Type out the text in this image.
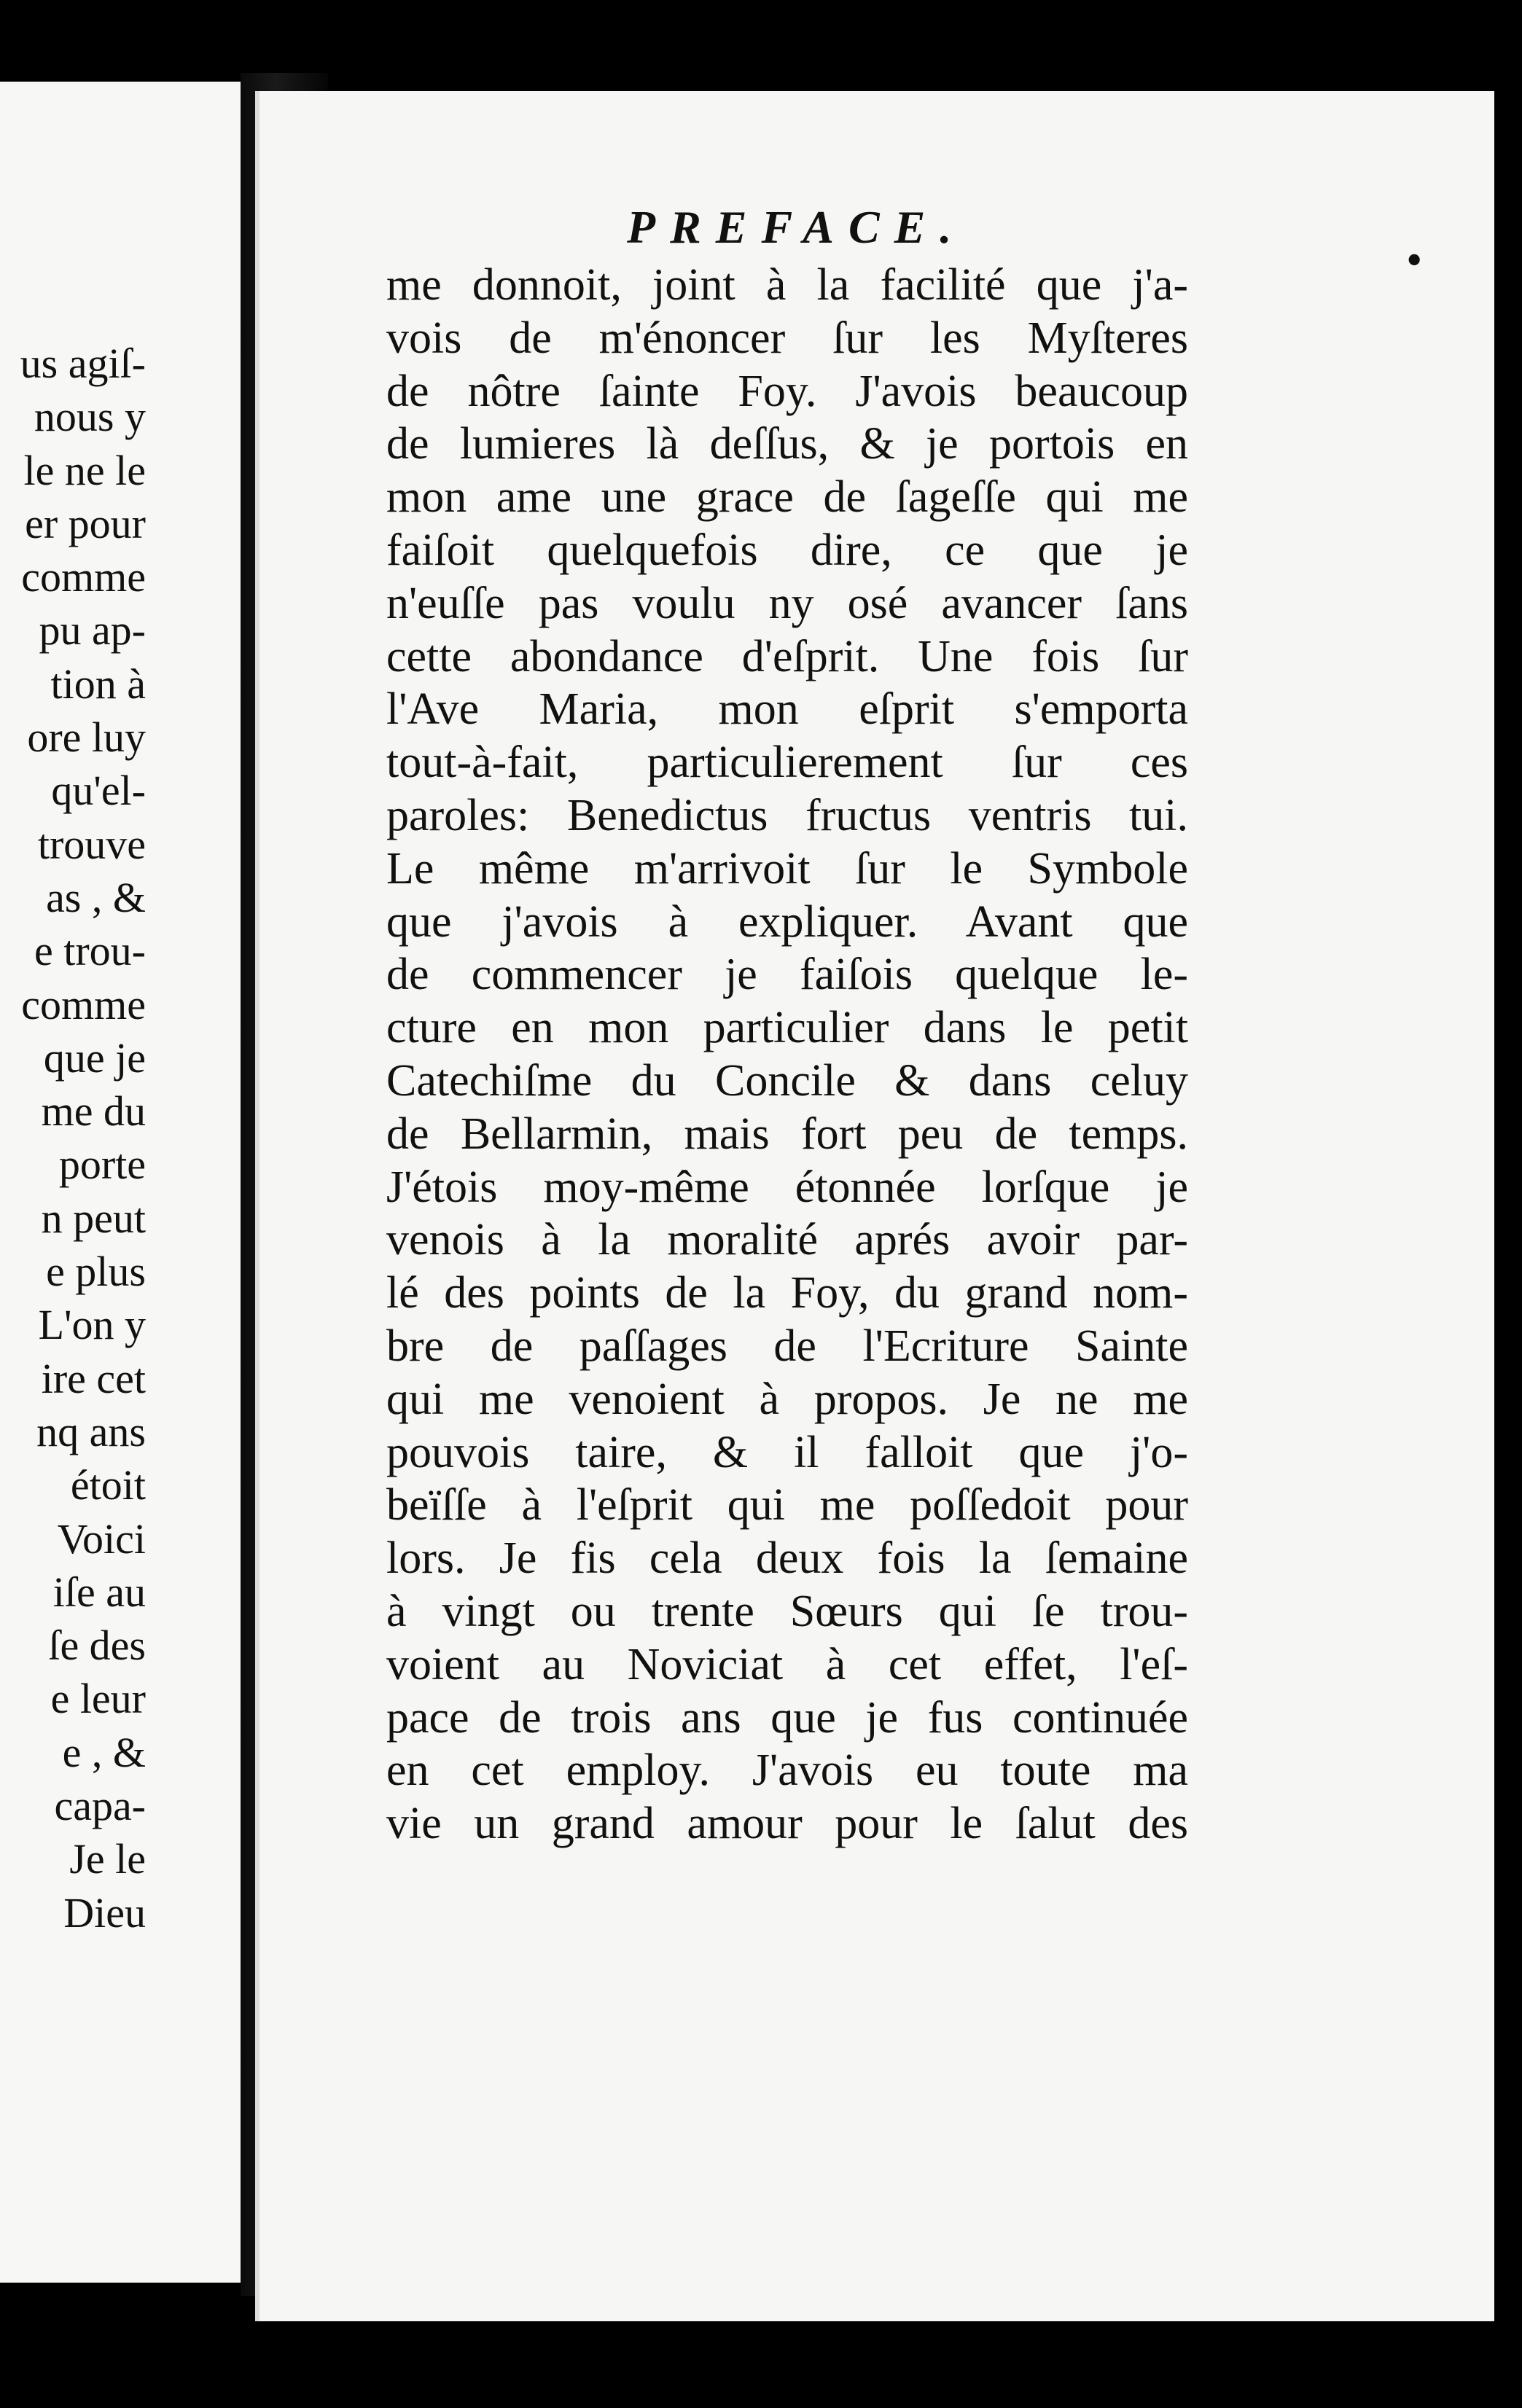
us agiſ-
nous y
le ne le
er pour
comme
pu ap-
tion à
ore luy
qu'el-
trouve
as , &
e trou-
comme
que je
me du
porte
n peut
e plus
L'on y
ire cet
nq ans
étoit
Voici
iſe au
ſe des
e leur
e , &
capa-
Je le
Dieu
PREFACE.
•
me donnoit, joint à la facilité que j'a-
vois de m'énoncer ſur les Myſteres
de nôtre ſainte Foy. J'avois beaucoup
de lumieres là deſſus, & je portois en
mon ame une grace de ſageſſe qui me
faiſoit quelquefois dire, ce que je
n'euſſe pas voulu ny osé avancer ſans
cette abondance d'eſprit. Une fois ſur
l'Ave Maria, mon eſprit s'emporta
tout-à-fait, particulierement ſur ces
paroles: Benedictus fructus ventris tui.
Le même m'arrivoit ſur le Symbole
que j'avois à expliquer. Avant que
de commencer je faiſois quelque le-
cture en mon particulier dans le petit
Catechiſme du Concile & dans celuy
de Bellarmin, mais fort peu de temps.
J'étois moy-même étonnée lorſque je
venois à la moralité aprés avoir par-
lé des points de la Foy, du grand nom-
bre de paſſages de l'Ecriture Sainte
qui me venoient à propos. Je ne me
pouvois taire, & il falloit que j'o-
beïſſe à l'eſprit qui me poſſedoit pour
lors. Je fis cela deux fois la ſemaine
à vingt ou trente Sœurs qui ſe trou-
voient au Noviciat à cet effet, l'eſ-
pace de trois ans que je fus continuée
en cet employ. J'avois eu toute ma
vie un grand amour pour le ſalut des
